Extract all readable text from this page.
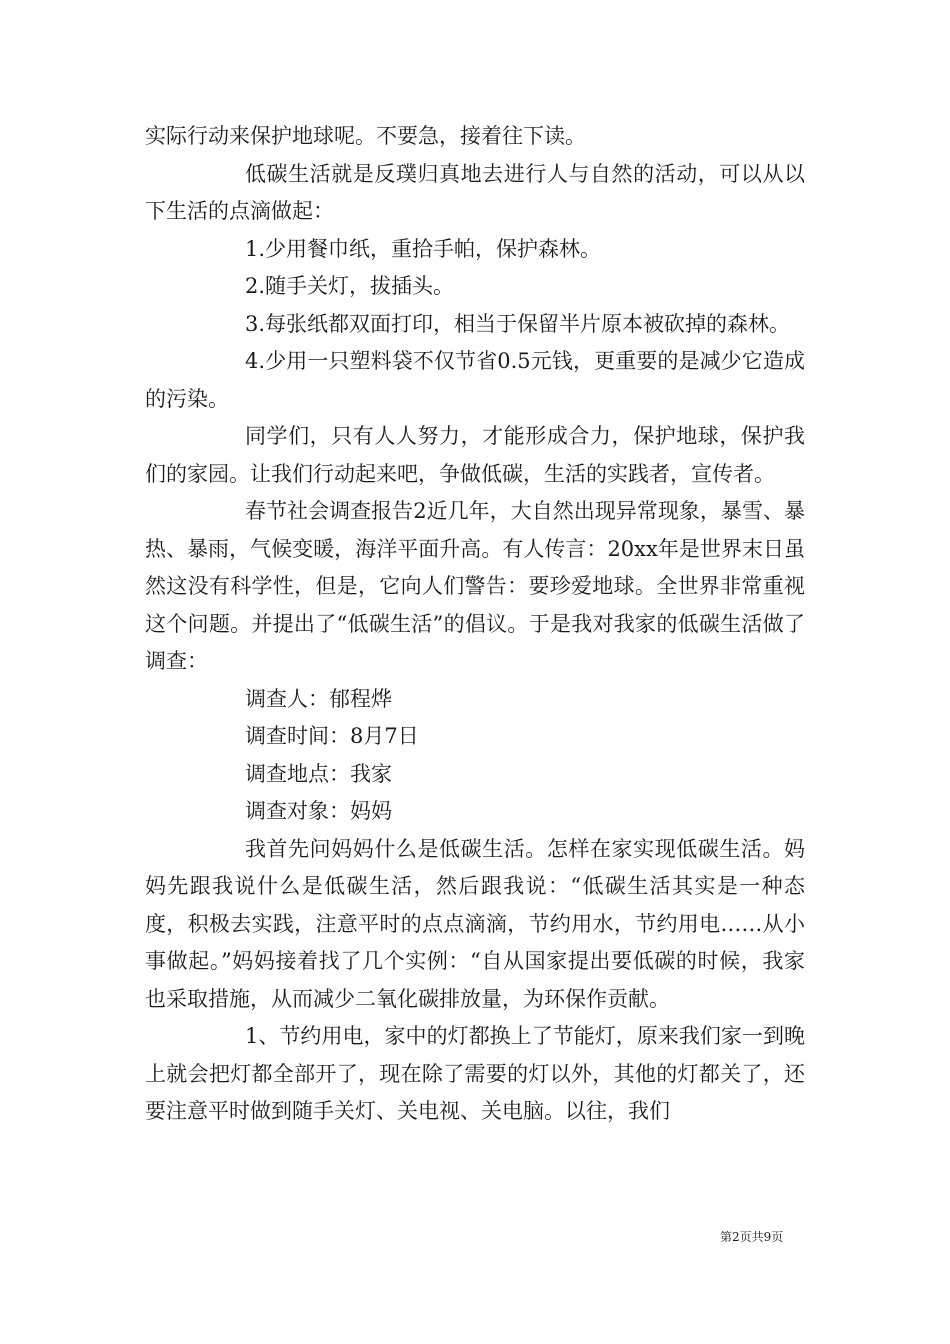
实际行动来保护地球呢。不要急，接着往下读。

低碳生活就是反璞归真地去进行人与自然的活动，可以从以下生活的点滴做起：

1.少用餐巾纸，重拾手帕，保护森林。

2.随手关灯，拔插头。

3.每张纸都双面打印，相当于保留半片原本被砍掉的森林。

4.少用一只塑料袋不仅节省0.5元钱，更重要的是减少它造成的污染。

同学们，只有人人努力，才能形成合力，保护地球，保护我们的家园。让我们行动起来吧，争做低碳，生活的实践者，宣传者。

春节社会调查报告2近几年，大自然出现异常现象，暴雪、暴热、暴雨，气候变暖，海洋平面升高。有人传言：20xx年是世界末日虽然这没有科学性，但是，它向人们警告：要珍爱地球。全世界非常重视这个问题。并提出了“低碳生活”的倡议。于是我对我家的低碳生活做了调查：

调查人：郁程烨

调查时间：8月7日

调查地点：我家

调查对象：妈妈

我首先问妈妈什么是低碳生活。怎样在家实现低碳生活。妈妈先跟我说什么是低碳生活，然后跟我说：“低碳生活其实是一种态度，积极去实践，注意平时的点点滴滴，节约用水，节约用电……从小事做起。”妈妈接着找了几个实例：“自从国家提出要低碳的时候，我家也采取措施，从而减少二氧化碳排放量，为环保作贡献。

1、节约用电，家中的灯都换上了节能灯，原来我们家一到晚上就会把灯都全部开了，现在除了需要的灯以外，其他的灯都关了，还要注意平时做到随手关灯、关电视、关电脑。以往，我们

第2页共9页
